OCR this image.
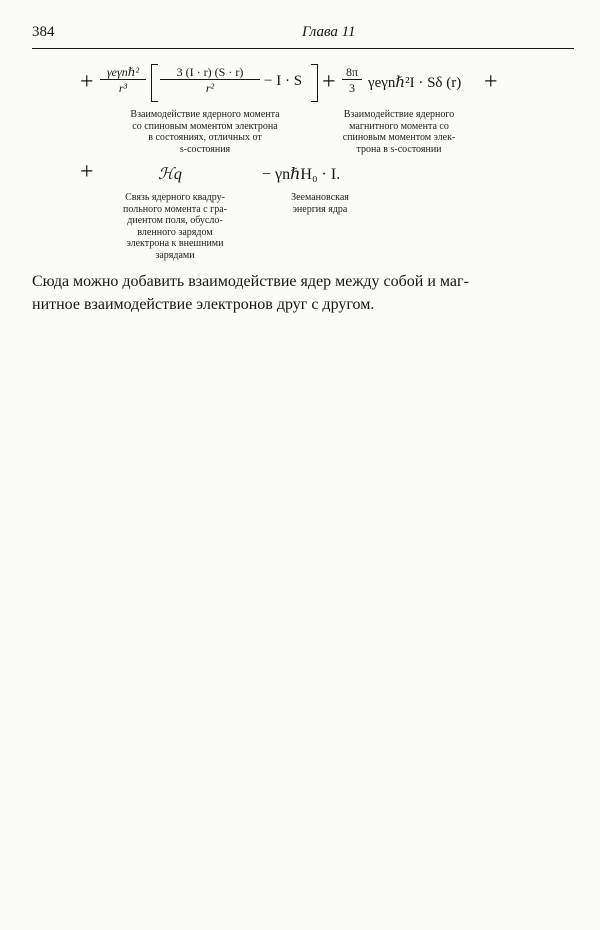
384	Глава 11
+	γeγnℏ²
r³	$\frac{3 (I \cdot r) (S \cdot r)}{\text{r²}} - I \cdot S + \frac{8\pi}{3}$ γeγnℏ²I · Sδ (r) +
+	ℋq	− γnℏH₀ · I.
Взаимодействие ядерного момента
со спиновым моментом электрона
в состояниях, отличных от
s-состояния
Взаимодействие ядерного
магнитного момента со
спиновым моментом элек-
трона в s-состоянии
Связь ядерного квадру-
польного момента с гра-
диентом поля, обусло-
вленного зарядом
электрона к внешними
зарядами
Зеемановская
энергия ядра
Сюда можно добавить взаимодействие ядер между собой и маг-
нитное взаимодействие электронов друг с другом.
